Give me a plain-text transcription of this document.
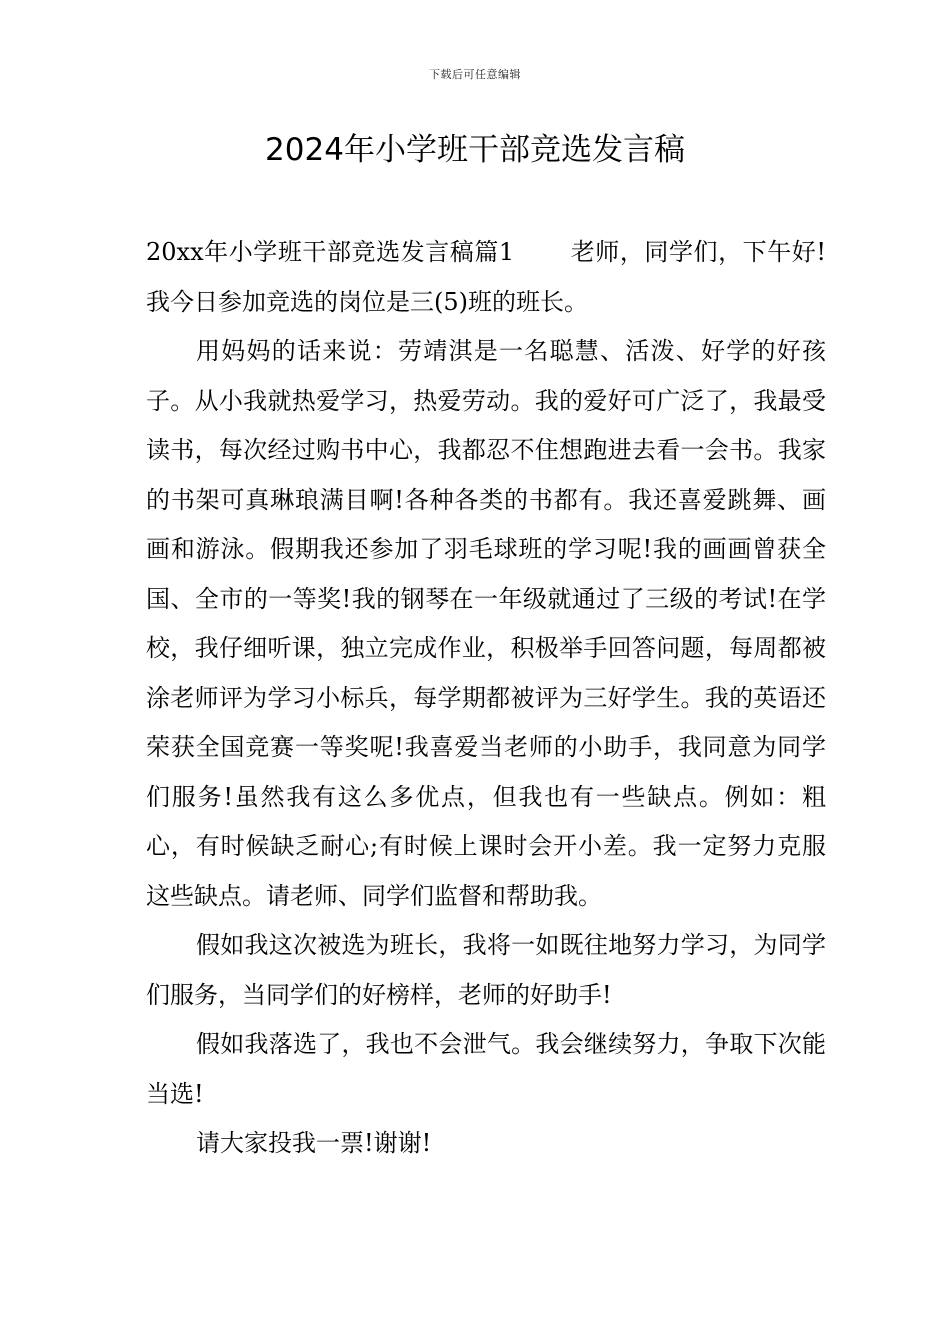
下载后可任意编辑
2024年小学班干部竞选发言稿

20xx年小学班干部竞选发言稿篇1 老师，同学们，下午好!我今日参加竞选的岗位是三(5)班的班长。

用妈妈的话来说：劳靖淇是一名聪慧、活泼、好学的好孩子。从小我就热爱学习，热爱劳动。我的爱好可广泛了，我最受读书，每次经过购书中心，我都忍不住想跑进去看一会书。我家的书架可真琳琅满目啊!各种各类的书都有。我还喜爱跳舞、画画和游泳。假期我还参加了羽毛球班的学习呢!我的画画曾获全国、全市的一等奖!我的钢琴在一年级就通过了三级的考试!在学校，我仔细听课，独立完成作业，积极举手回答问题，每周都被涂老师评为学习小标兵，每学期都被评为三好学生。我的英语还荣获全国竞赛一等奖呢!我喜爱当老师的小助手，我同意为同学们服务!虽然我有这么多优点，但我也有一些缺点。例如：粗心，有时候缺乏耐心;有时候上课时会开小差。我一定努力克服这些缺点。请老师、同学们监督和帮助我。

假如我这次被选为班长，我将一如既往地努力学习，为同学们服务，当同学们的好榜样，老师的好助手!

假如我落选了，我也不会泄气。我会继续努力，争取下次能当选!

请大家投我一票!谢谢!
